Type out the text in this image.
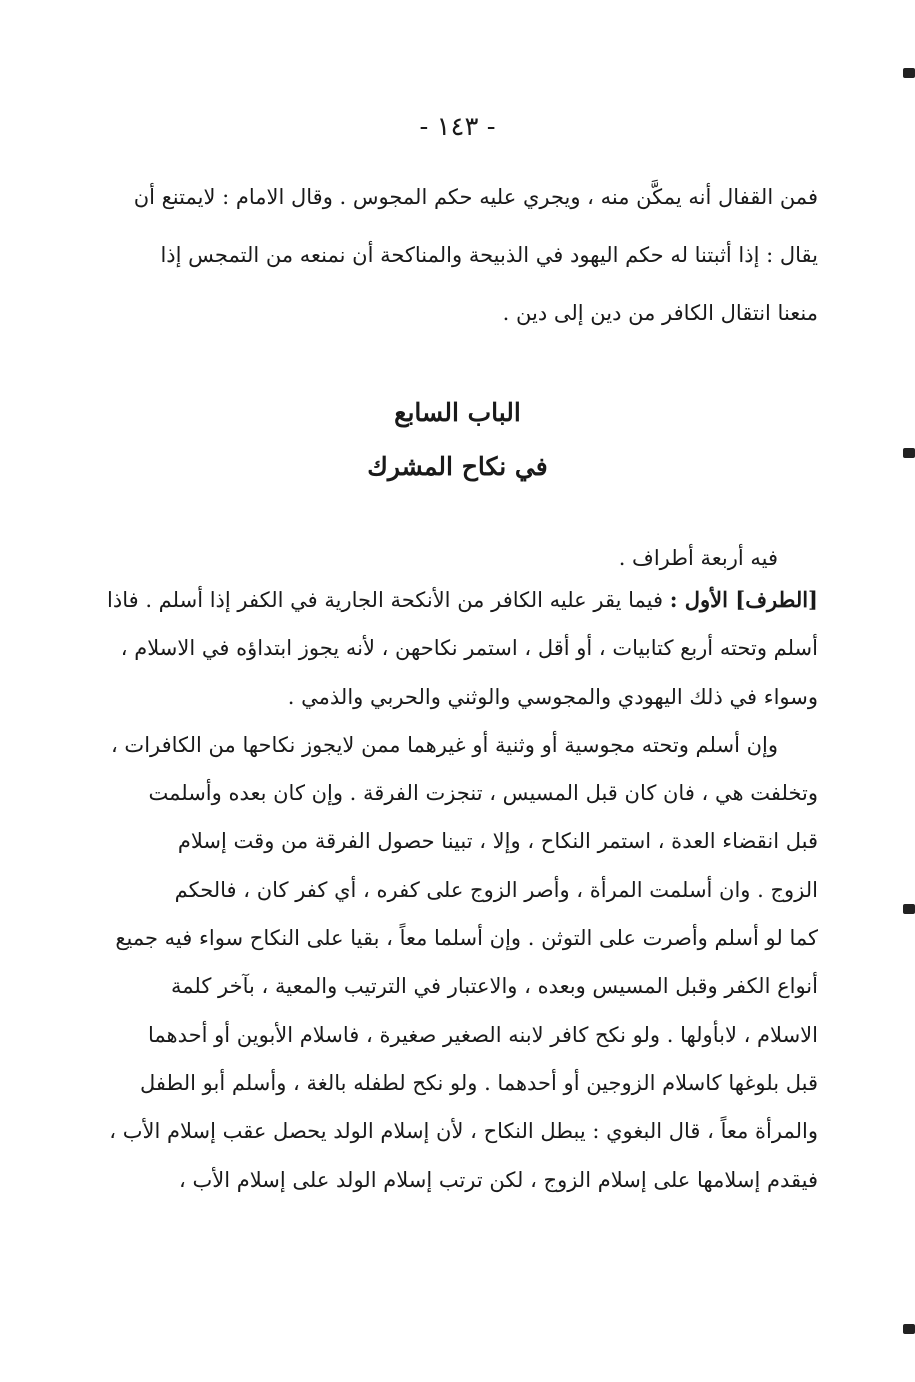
- ١٤٣ -
فمن القفال أنه يمكَّن منه ، ويجري عليه حكم المجوس . وقال الامام : لايمتنع أن
يقال : إذا أثبتنا له حكم اليهود في الذبيحة والمناكحة أن نمنعه من التمجس إذا
منعنا انتقال الكافر من دين إلى دين .
الباب السابع
في نكاح المشرك
فيه أربعة أطراف .
[الطرف] الأول : فيما يقر عليه الكافر من الأنكحة الجارية في الكفر إذا أسلم . فاذا
أسلم وتحته أربع كتابيات ، أو أقل ، استمر نكاحهن ، لأنه يجوز ابتداؤه في الاسلام ،
وسواء في ذلك اليهودي والمجوسي والوثني والحربي والذمي .
وإن أسلم وتحته مجوسية أو وثنية أو غيرهما ممن لايجوز نكاحها من الكافرات ،
وتخلفت هي ، فان كان قبل المسيس ، تنجزت الفرقة . وإن كان بعده وأسلمت
قبل انقضاء العدة ، استمر النكاح ، وإلا ، تبينا حصول الفرقة من وقت إسلام
الزوج . وان أسلمت المرأة ، وأصر الزوج على كفره ، أي كفر كان ، فالحكم
كما لو أسلم وأصرت على التوثن . وإن أسلما معاً ، بقيا على النكاح سواء فيه جميع
أنواع الكفر وقبل المسيس وبعده ، والاعتبار في الترتيب والمعية ، بآخر كلمة
الاسلام ، لابأولها . ولو نكح كافر لابنه الصغير صغيرة ، فاسلام الأبوين أو أحدهما
قبل بلوغها كاسلام الزوجين أو أحدهما . ولو نكح لطفله بالغة ، وأسلم أبو الطفل
والمرأة معاً ، قال البغوي : يبطل النكاح ، لأن إسلام الولد يحصل عقب إسلام الأب ،
فيقدم إسلامها على إسلام الزوج ، لكن ترتب إسلام الولد على إسلام الأب ،
